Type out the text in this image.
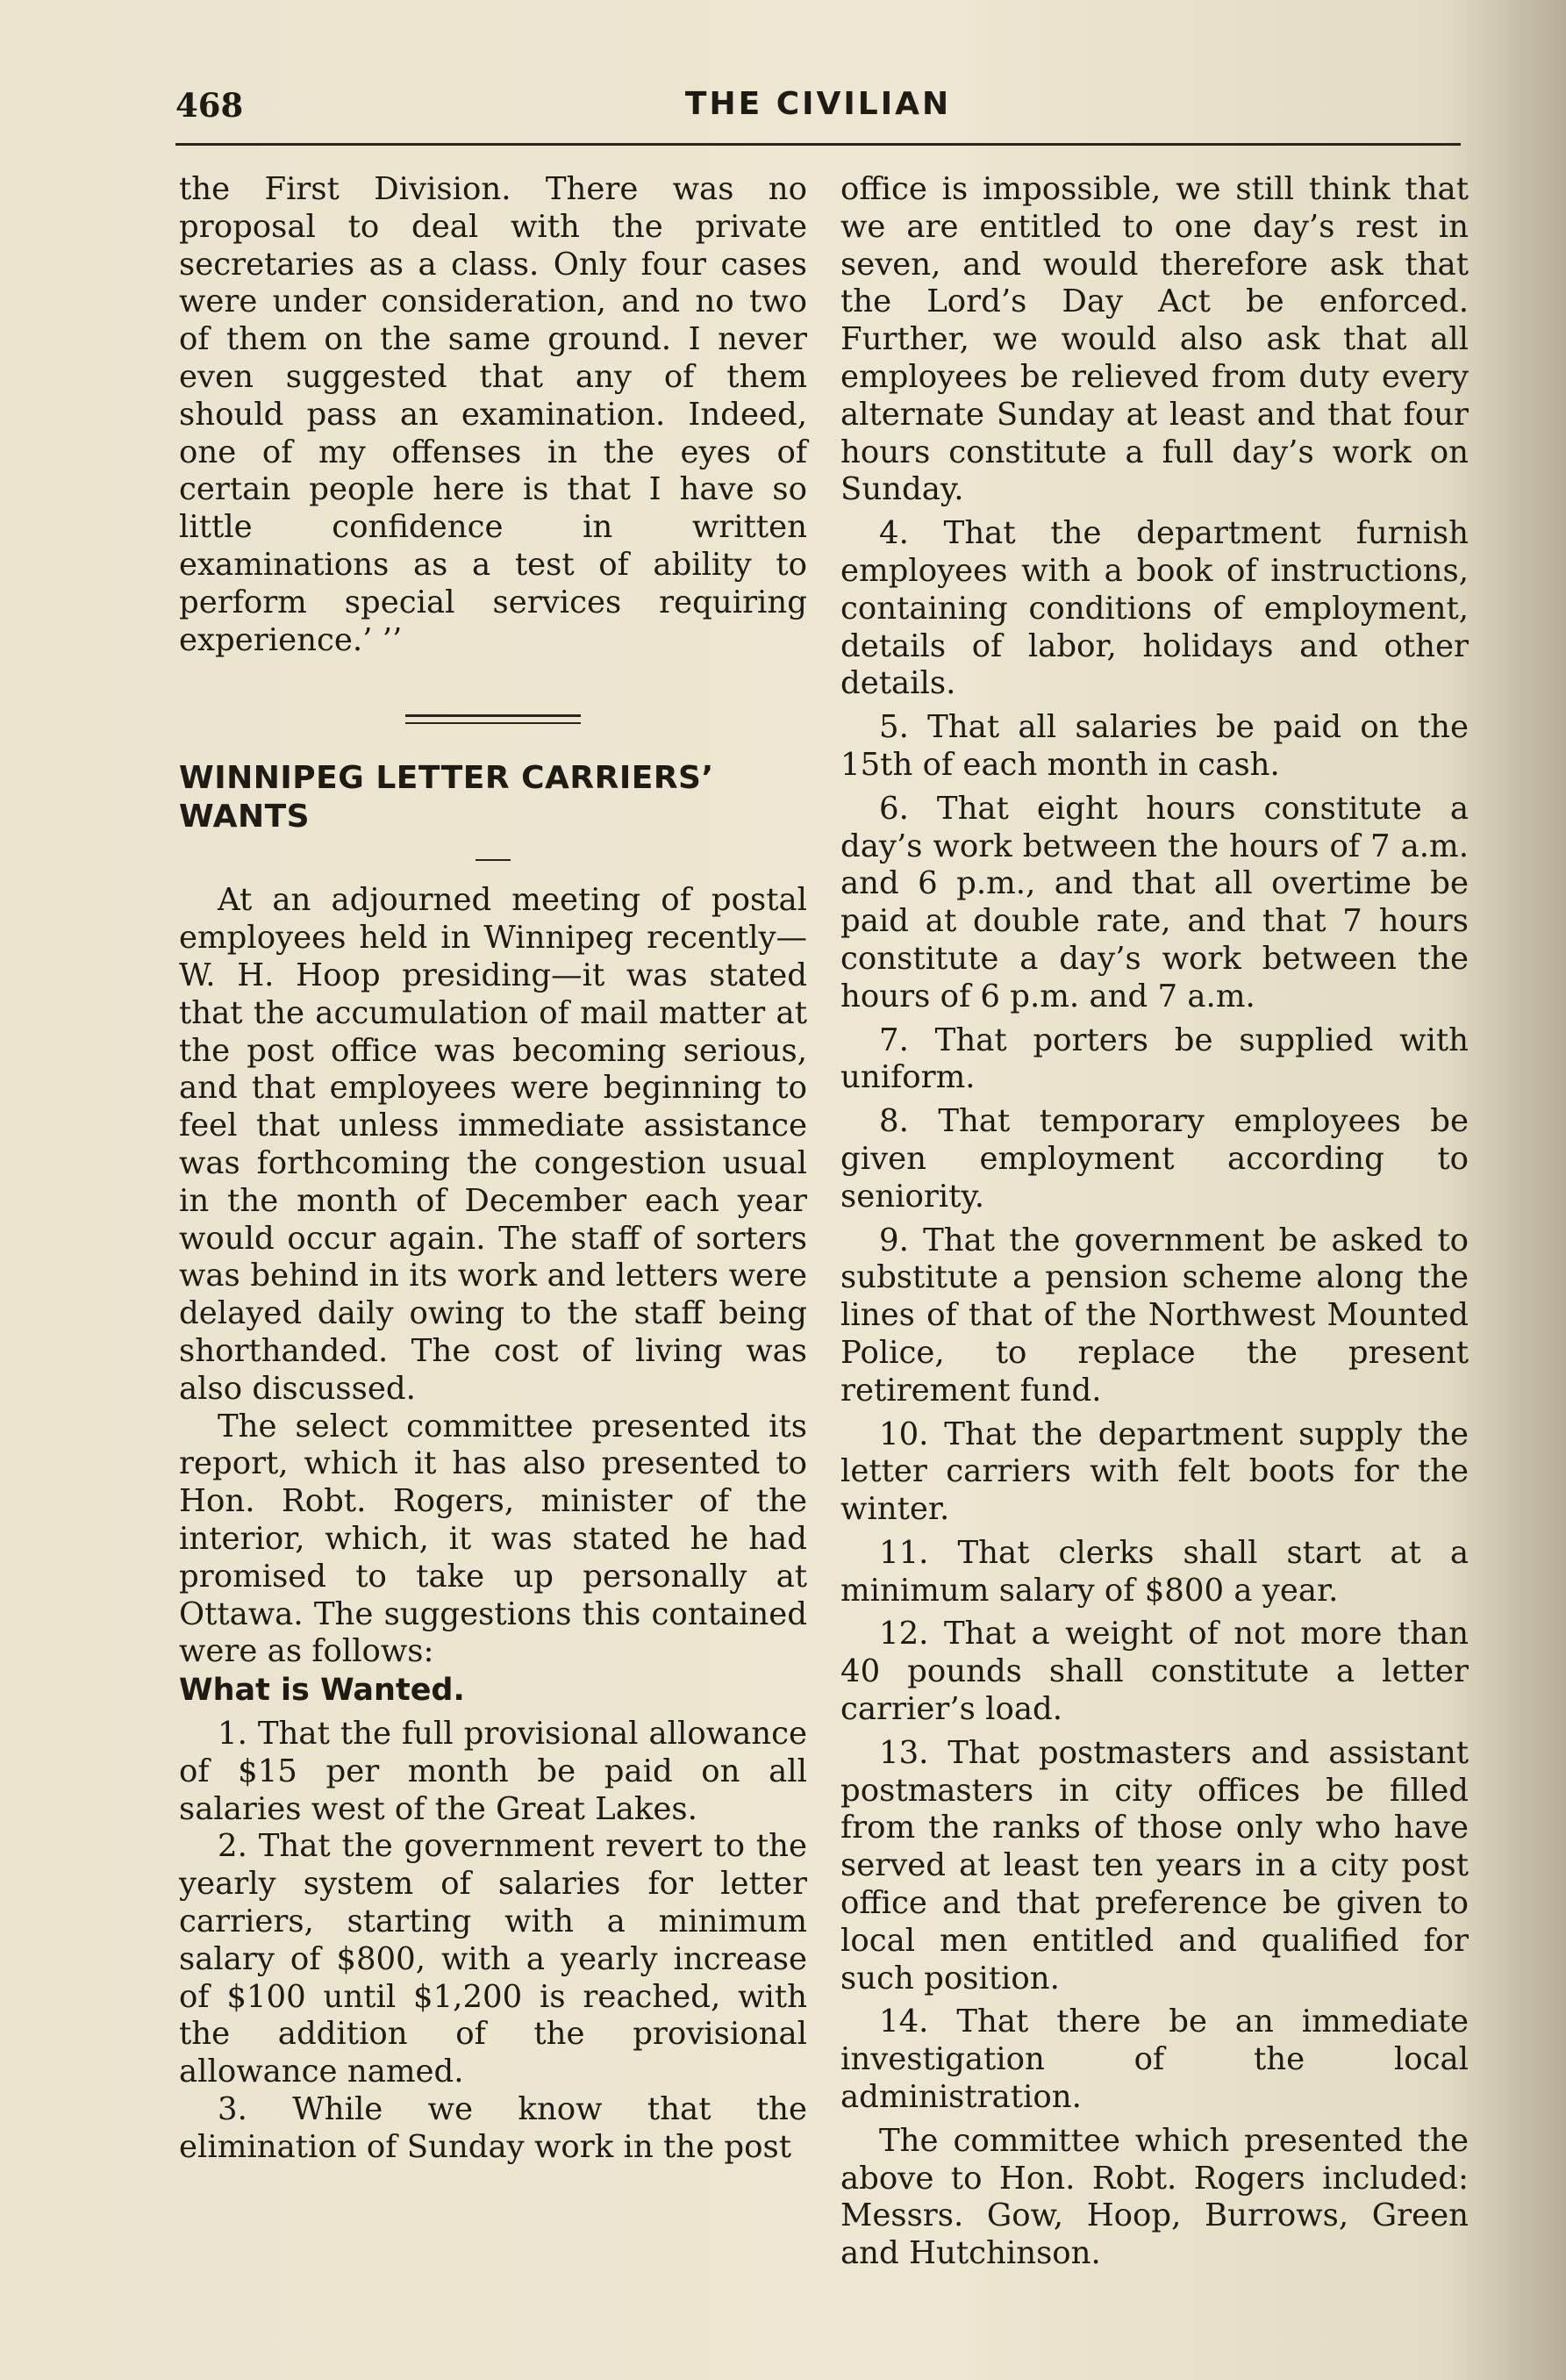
468	THE CIVILIAN

the First Division. There was no proposal to deal with the private secretaries as a class. Only four cases were under consideration, and no two of them on the same ground. I never even suggested that any of them should pass an examination. Indeed, one of my offenses in the eyes of certain people here is that I have so little confidence in written examinations as a test of ability to perform special services requiring experience.’ ’’

WINNIPEG LETTER CARRIERS’

WANTS

At an adjourned meeting of postal employees held in Winnipeg recently—W. H. Hoop presiding—it was stated that the accumulation of mail matter at the post office was becoming serious, and that employees were beginning to feel that unless immediate assistance was forthcoming the congestion usual in the month of December each year would occur again. The staff of sorters was behind in its work and letters were delayed daily owing to the staff being shorthanded. The cost of living was also discussed.

The select committee presented its report, which it has also presented to Hon. Robt. Rogers, minister of the interior, which, it was stated he had promised to take up personally at Ottawa. The suggestions this contained were as follows:

What is Wanted.

1. That the full provisional allowance of $15 per month be paid on all salaries west of the Great Lakes.

2. That the government revert to the yearly system of salaries for letter carriers, starting with a minimum salary of $800, with a yearly increase of $100 until $1,200 is reached, with the addition of the provisional allowance named.

3. While we know that the elimination of Sunday work in the post

office is impossible, we still think that we are entitled to one day’s rest in seven, and would therefore ask that the Lord’s Day Act be enforced. Further, we would also ask that all employees be relieved from duty every alternate Sunday at least and that four hours constitute a full day’s work on Sunday.

4. That the department furnish employees with a book of instructions, containing conditions of employment, details of labor, holidays and other details.

5. That all salaries be paid on the 15th of each month in cash.

6. That eight hours constitute a day’s work between the hours of 7 a.m. and 6 p.m., and that all overtime be paid at double rate, and that 7 hours constitute a day’s work between the hours of 6 p.m. and 7 a.m.

7. That porters be supplied with uniform.

8. That temporary employees be given employment according to seniority.

9. That the government be asked to substitute a pension scheme along the lines of that of the Northwest Mounted Police, to replace the present retirement fund.

10. That the department supply the letter carriers with felt boots for the winter.

11. That clerks shall start at a minimum salary of $800 a year.

12. That a weight of not more than 40 pounds shall constitute a letter carrier’s load.

13. That postmasters and assistant postmasters in city offices be filled from the ranks of those only who have served at least ten years in a city post office and that preference be given to local men entitled and qualified for such position.

14. That there be an immediate investigation of the local administration.

The committee which presented the above to Hon. Robt. Rogers included: Messrs. Gow, Hoop, Burrows, Green and Hutchinson.
